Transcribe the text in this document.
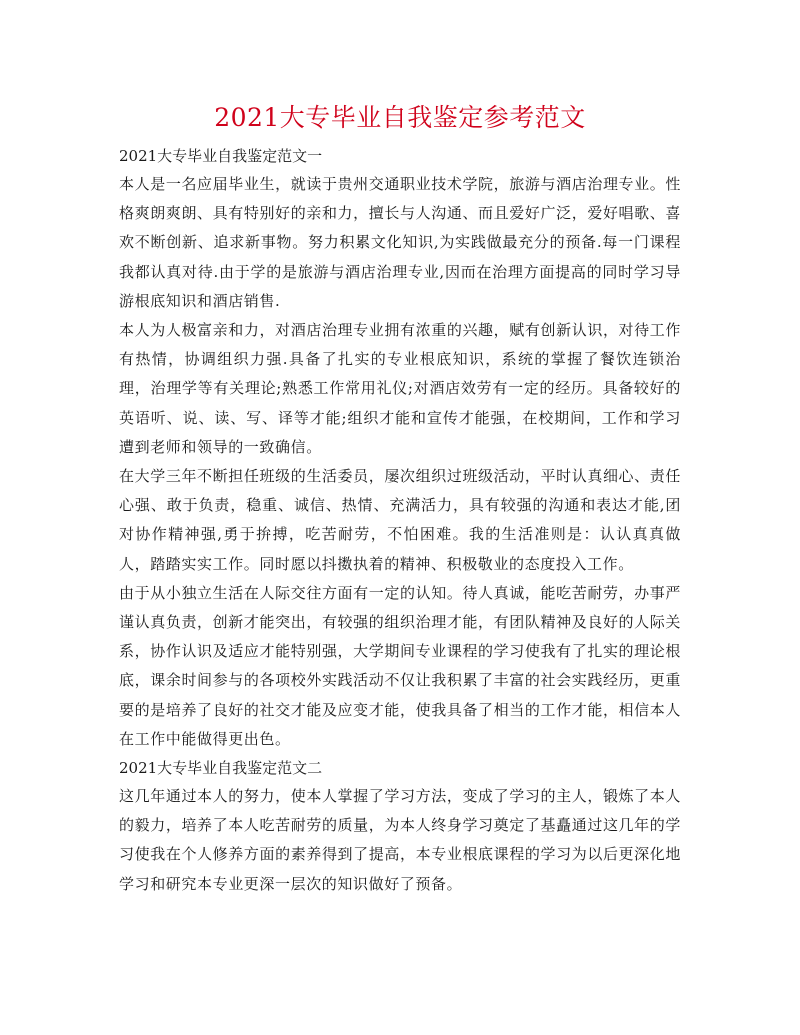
2021大专毕业自我鉴定参考范文

2021大专毕业自我鉴定范文一

本人是一名应届毕业生，就读于贵州交通职业技术学院，旅游与酒店治理专业。性格爽朗爽朗、具有特别好的亲和力，擅长与人沟通、而且爱好广泛，爱好唱歌、喜欢不断创新、追求新事物。努力积累文化知识,为实践做最充分的预备.每一门课程我都认真对待.由于学的是旅游与酒店治理专业,因而在治理方面提高的同时学习导游根底知识和酒店销售.

本人为人极富亲和力，对酒店治理专业拥有浓重的兴趣，赋有创新认识，对待工作有热情，协调组织力强.具备了扎实的专业根底知识，系统的掌握了餐饮连锁治理，治理学等有关理论;熟悉工作常用礼仪;对酒店效劳有一定的经历。具备较好的英语听、说、读、写、译等才能;组织才能和宣传才能强，在校期间，工作和学习遭到老师和领导的一致确信。

在大学三年不断担任班级的生活委员，屡次组织过班级活动，平时认真细心、责任心强、敢于负责，稳重、诚信、热情、充满活力，具有较强的沟通和表达才能,团对协作精神强,勇于拚搏，吃苦耐劳，不怕困难。我的生活准则是：认认真真做人，踏踏实实工作。同时愿以抖擞执着的精神、积极敬业的态度投入工作。

由于从小独立生活在人际交往方面有一定的认知。待人真诚，能吃苦耐劳，办事严谨认真负责，创新才能突出，有较强的组织治理才能，有团队精神及良好的人际关系，协作认识及适应才能特别强，大学期间专业课程的学习使我有了扎实的理论根底，课余时间参与的各项校外实践活动不仅让我积累了丰富的社会实践经历，更重要的是培养了良好的社交才能及应变才能，使我具备了相当的工作才能，相信本人在工作中能做得更出色。

2021大专毕业自我鉴定范文二

这几年通过本人的努力，使本人掌握了学习方法，变成了学习的主人，锻炼了本人的毅力，培养了本人吃苦耐劳的质量，为本人终身学习奠定了基矗通过这几年的学习使我在个人修养方面的素养得到了提高，本专业根底课程的学习为以后更深化地学习和研究本专业更深一层次的知识做好了预备。
